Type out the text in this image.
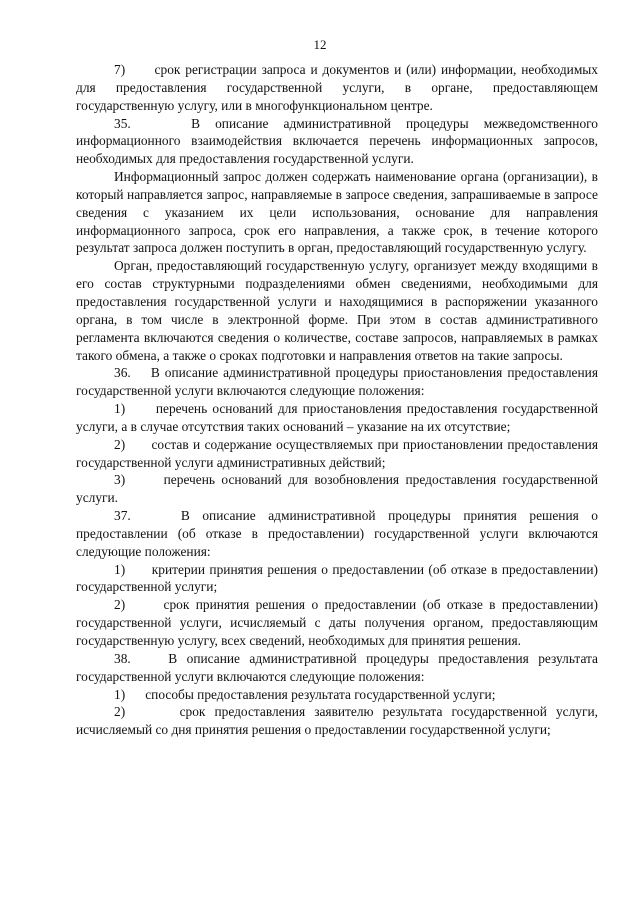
12

7)      срок регистрации запроса и документов и (или) информации, необходимых для предоставления государственной услуги, в органе, предоставляющем государственную услугу, или в многофункциональном центре.

35.    В описание административной процедуры межведомственного информационного взаимодействия включается перечень информационных запросов, необходимых для предоставления государственной услуги.

Информационный запрос должен содержать наименование органа (организации), в который направляется запрос, направляемые в запросе сведения, запрашиваемые в запросе сведения с указанием их цели использования, основание для направления информационного запроса, срок его направления, а также срок, в течение которого результат запроса должен поступить в орган, предоставляющий государственную услугу.

Орган, предоставляющий государственную услугу, организует между входящими в его состав структурными подразделениями обмен сведениями, необходимыми для предоставления государственной услуги и находящимися в распоряжении указанного органа, в том числе в электронной форме. При этом в состав административного регламента включаются сведения о количестве, составе запросов, направляемых в рамках такого обмена, а также о сроках подготовки и направления ответов на такие запросы.

36.    В описание административной процедуры приостановления предоставления государственной услуги включаются следующие положения:

1)      перечень оснований для приостановления предоставления государственной услуги, а в случае отсутствия таких оснований – указание на их отсутствие;

2)      состав и содержание осуществляемых при приостановлении предоставления государственной услуги административных действий;

3)      перечень оснований для возобновления предоставления государственной услуги.

37.    В описание административной процедуры принятия решения о предоставлении (об отказе в предоставлении) государственной услуги включаются следующие положения:

1)      критерии принятия решения о предоставлении (об отказе в предоставлении) государственной услуги;

2)      срок принятия решения о предоставлении (об отказе в предоставлении) государственной услуги, исчисляемый с даты получения органом, предоставляющим государственную услугу, всех сведений, необходимых для принятия решения.

38.    В описание административной процедуры предоставления результата государственной услуги включаются следующие положения:

1)      способы предоставления результата государственной услуги;

2)      срок предоставления заявителю результата государственной услуги, исчисляемый со дня принятия решения о предоставлении государственной услуги;
